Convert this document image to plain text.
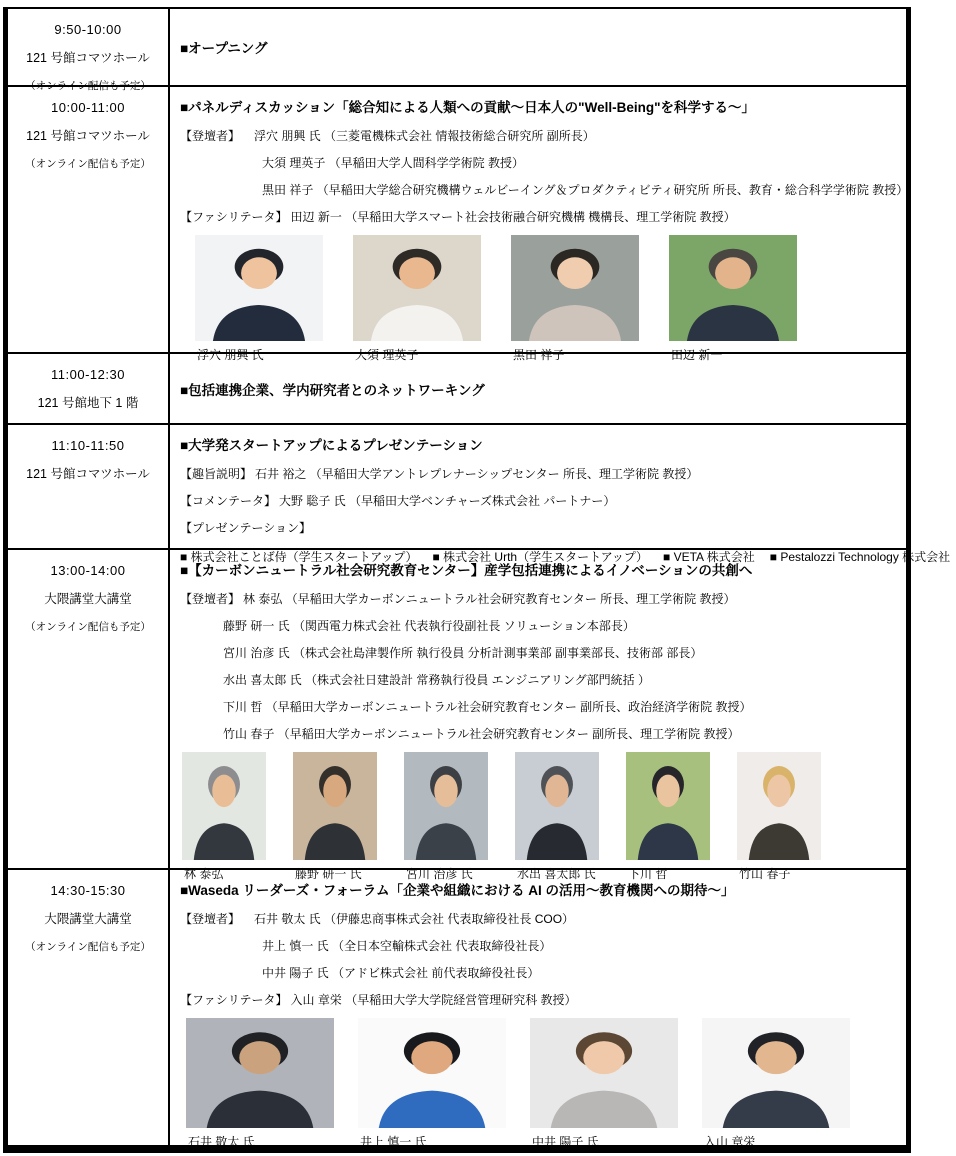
9:50-10:00
121 号館コマツホール
（オンライン配信も予定）
■オープニング
10:00-11:00
121 号館コマツホール
（オンライン配信も予定）
■パネルディスカッション「総合知による人類への貢献～日本人の"Well-Being"を科学する～」
【登壇者】 浮穴 朋興 氏 （三菱電機株式会社 情報技術総合研究所 副所長）
大須 理英子 （早稲田大学人間科学学術院 教授）
黒田 祥子 （早稲田大学総合研究機構ウェルビーイング＆プロダクティビティ研究所 所長、教育・総合科学学術院 教授）
【ファシリテータ】 田辺 新一 （早稲田大学スマート社会技術融合研究機構 機構長、理工学術院 教授）
浮穴 朋興 氏	大須 理英子	黒田 祥子	田辺 新一
11:00-12:30
121 号館地下 1 階
■包括連携企業、学内研究者とのネットワーキング
11:10-11:50
121 号館コマツホール
■大学発スタートアップによるプレゼンテーション
【趣旨説明】 石井 裕之 （早稲田大学アントレプレナーシップセンター 所長、理工学術院 教授）
【コメンテータ】 大野 聡子 氏 （早稲田大学ベンチャーズ株式会社 パートナー）
【プレゼンテーション】
■ 株式会社ことば侍（学生スタートアップ） ■ 株式会社 Urth（学生スタートアップ） ■ VETA 株式会社 ■ Pestalozzi Technology 株式会社
13:00-14:00
大隈講堂大講堂
（オンライン配信も予定）
■【カーボンニュートラル社会研究教育センター】産学包括連携によるイノベーションの共創へ
【登壇者】 林 泰弘 （早稲田大学カーボンニュートラル社会研究教育センター 所長、理工学術院 教授）
藤野 研一 氏 （関西電力株式会社 代表執行役副社長 ソリューション本部長）
宮川 治彦 氏 （株式会社島津製作所 執行役員 分析計測事業部 副事業部長、技術部 部長）
水出 喜太郎 氏 （株式会社日建設計 常務執行役員 エンジニアリング部門統括 ）
下川 哲 （早稲田大学カーボンニュートラル社会研究教育センター 副所長、政治経済学術院 教授）
竹山 春子 （早稲田大学カーボンニュートラル社会研究教育センター 副所長、理工学術院 教授）
林 泰弘	藤野 研一 氏	宮川 治彦 氏	水出 喜太郎 氏	下川 哲	竹山 春子
14:30-15:30
大隈講堂大講堂
（オンライン配信も予定）
■Waseda リーダーズ・フォーラム「企業や組織における AI の活用～教育機関への期待～」
【登壇者】 石井 敬太 氏 （伊藤忠商事株式会社 代表取締役社長 COO）
井上 慎一 氏 （全日本空輸株式会社 代表取締役社長）
中井 陽子 氏 （アドビ株式会社 前代表取締役社長）
【ファシリテータ】 入山 章栄 （早稲田大学大学院経営管理研究科 教授）
石井 敬太 氏	井上 慎一 氏	中井 陽子 氏	入山 章栄
